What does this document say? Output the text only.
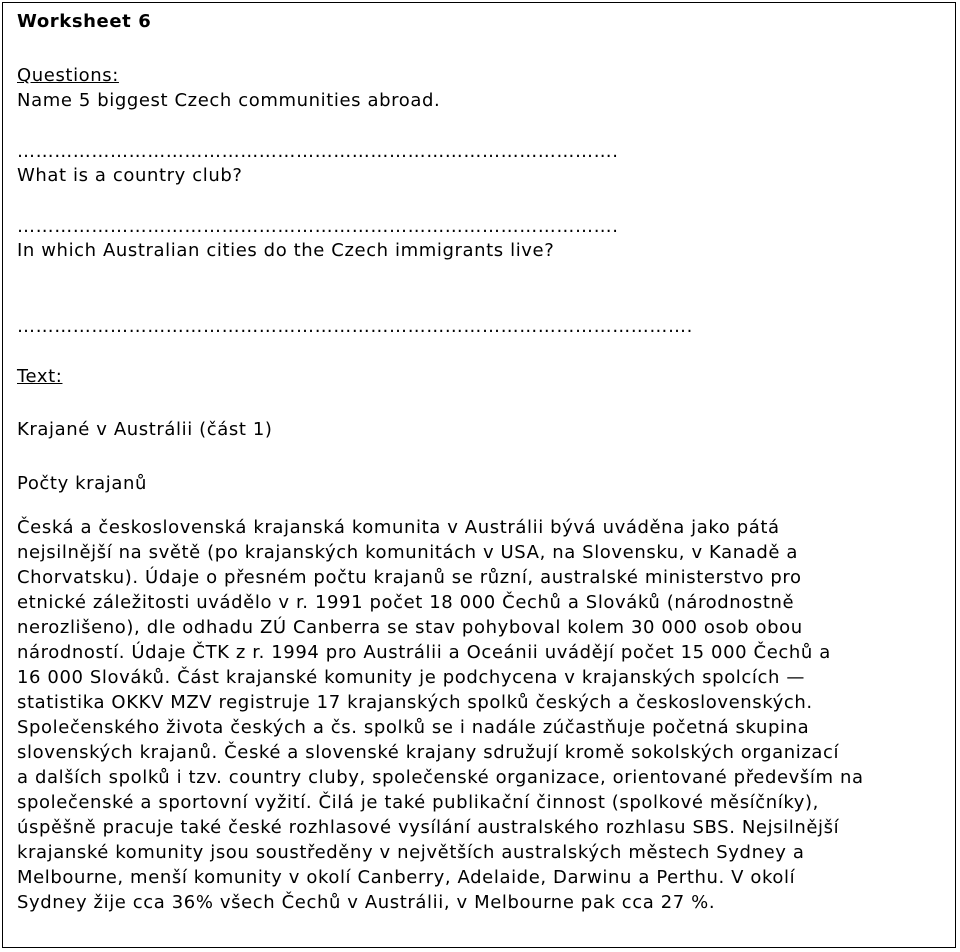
Worksheet 6
Questions:
Name 5 biggest Czech communities abroad.
…………………………………………………………………………………….
What is a country club?
…………………………………………………………………………………….
In which Australian cities do the Czech immigrants live?
……………………………………………………………………………………………….
Text:
Krajané v Austrálii (část 1)
Počty krajanů
Česká a československá krajanská komunita v Austrálii bývá uváděna jako pátá
nejsilnější na světě (po krajanských komunitách v USA, na Slovensku, v Kanadě a
Chorvatsku). Údaje o přesném počtu krajanů se různí, australské ministerstvo pro
etnické záležitosti uvádělo v r. 1991 počet 18 000 Čechů a Slováků (národnostně
nerozlišeno), dle odhadu ZÚ Canberra se stav pohyboval kolem 30 000 osob obou
národností. Údaje ČTK z r. 1994 pro Austrálii a Oceánii uvádějí počet 15 000 Čechů a
16 000 Slováků. Část krajanské komunity je podchycena v krajanských spolcích —
statistika OKKV MZV registruje 17 krajanských spolků českých a československých.
Společenského života českých a čs. spolků se i nadále zúčastňuje početná skupina
slovenských krajanů. České a slovenské krajany sdružují kromě sokolských organizací
a dalších spolků i tzv. country cluby, společenské organizace, orientované především na
společenské a sportovní vyžití. Čilá je také publikační činnost (spolkové měsíčníky),
úspěšně pracuje také české rozhlasové vysílání australského rozhlasu SBS. Nejsilnější
krajanské komunity jsou soustředěny v největších australských městech Sydney a
Melbourne, menší komunity v okolí Canberry, Adelaide, Darwinu a Perthu. V okolí
Sydney žije cca 36% všech Čechů v Austrálii, v Melbourne pak cca 27 %.
